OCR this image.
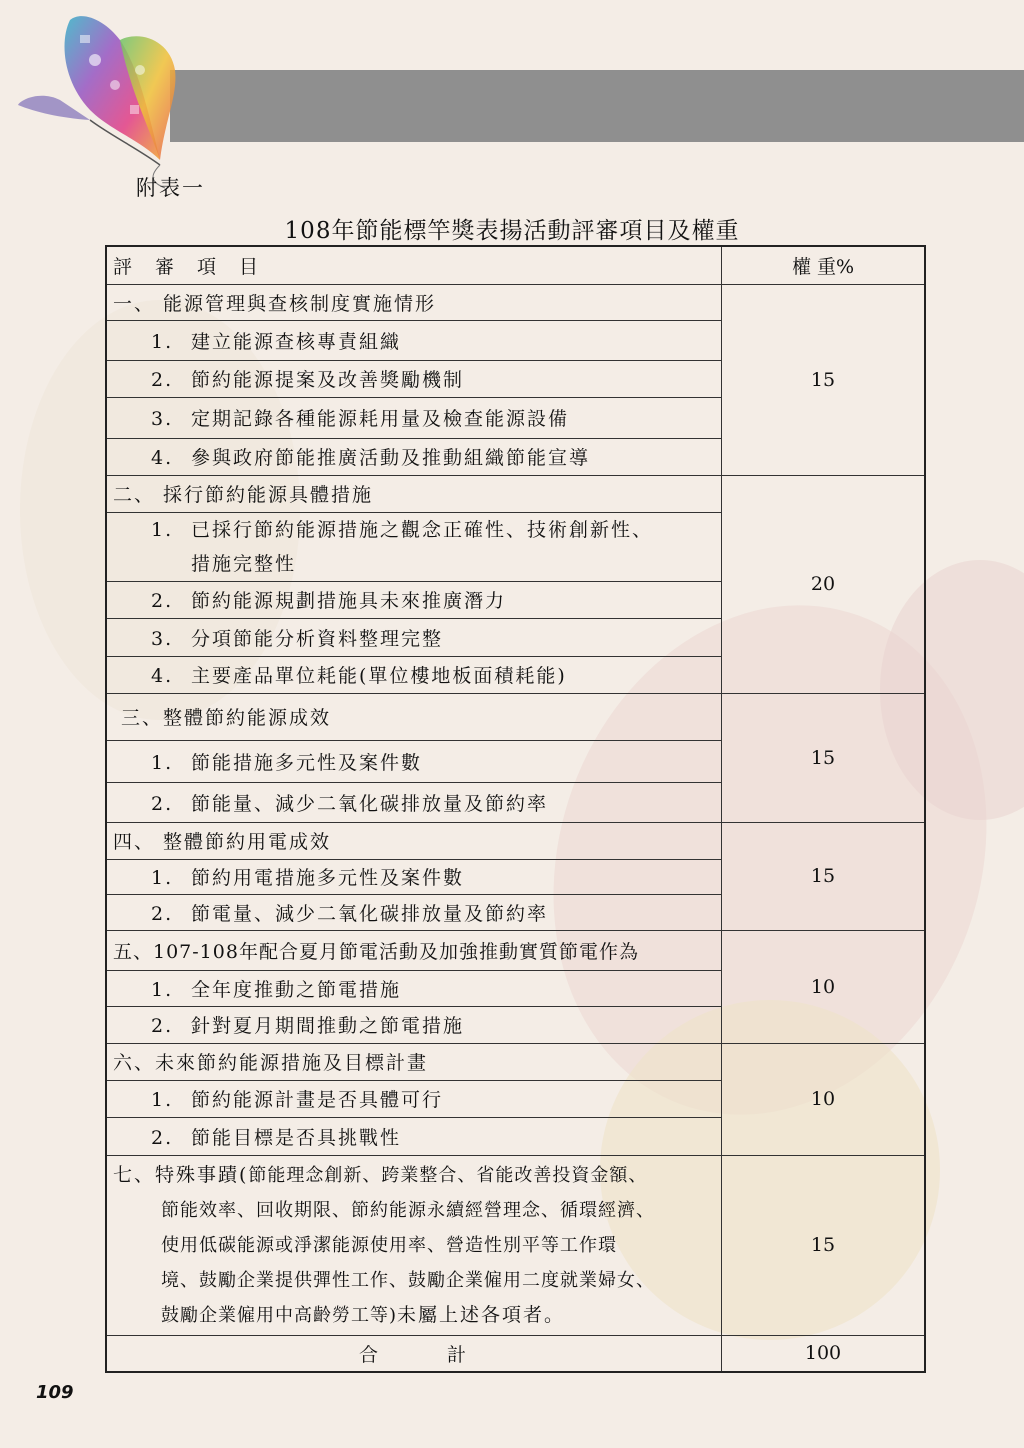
附表一
108年節能標竿獎表揚活動評審項目及權重
評　審　項　目	權 重%
一、 能源管理與查核制度實施情形	15
1. 建立能源查核專責組織	
2. 節約能源提案及改善獎勵機制	
3. 定期記錄各種能源耗用量及檢查能源設備	
4. 參與政府節能推廣活動及推動組織節能宣導	
二、 採行節約能源具體措施	20
1. 已採行節約能源措施之觀念正確性、技術創新性、
措施完整性	
2. 節約能源規劃措施具未來推廣潛力	
3. 分項節能分析資料整理完整	
4. 主要產品單位耗能(單位樓地板面積耗能)	
三、整體節約能源成效	15
1. 節能措施多元性及案件數	
2. 節能量、減少二氧化碳排放量及節約率	
四、 整體節約用電成效	15
1. 節約用電措施多元性及案件數	
2. 節電量、減少二氧化碳排放量及節約率	
五、107-108年配合夏月節電活動及加強推動實質節電作為	10
1. 全年度推動之節電措施	
2. 針對夏月期間推動之節電措施	
六、未來節約能源措施及目標計畫	10
1. 節約能源計畫是否具體可行	
2. 節能目標是否具挑戰性	
七、特殊事蹟(節能理念創新、跨業整合、省能改善投資金額、
節能效率、回收期限、節約能源永續經營理念、循環經濟、
使用低碳能源或淨潔能源使用率、營造性別平等工作環
境、鼓勵企業提供彈性工作、鼓勵企業僱用二度就業婦女、
鼓勵企業僱用中高齡勞工等)未屬上述各項者。	15
合　　　計	100
109
